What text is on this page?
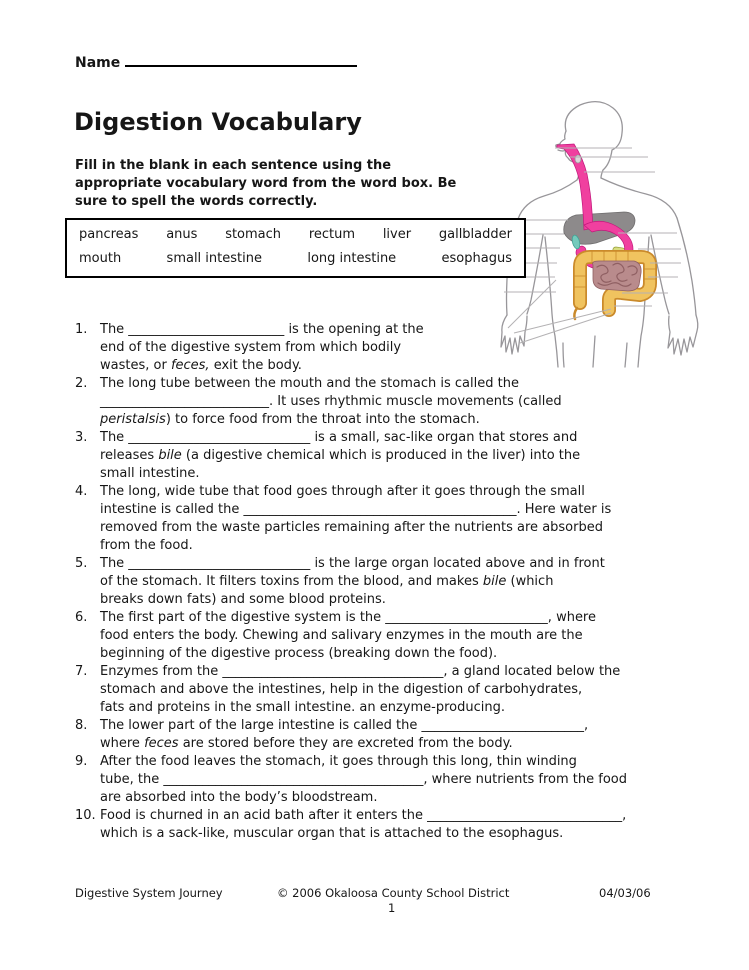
Name
Digestion Vocabulary
Fill in the blank in each sentence using the
appropriate vocabulary word from the word box. Be
sure to spell the words correctly.
pancreas anus stomach rectum liver gallbladder
mouth	small intestine	long intestine	esophagus
1. The ________________________ is the opening at the
end of the digestive system from which bodily
wastes, or feces, exit the body.
2. The long tube between the mouth and the stomach is called the
__________________________. It uses rhythmic muscle movements (called
peristalsis) to force food from the throat into the stomach.
3. The ____________________________ is a small, sac-like organ that stores and
releases bile (a digestive chemical which is produced in the liver) into the
small intestine.
4. The long, wide tube that food goes through after it goes through the small
intestine is called the __________________________________________. Here water is
removed from the waste particles remaining after the nutrients are absorbed
from the food.
5. The ____________________________ is the large organ located above and in front
of the stomach. It filters toxins from the blood, and makes bile (which
breaks down fats) and some blood proteins.
6. The first part of the digestive system is the _________________________, where
food enters the body. Chewing and salivary enzymes in the mouth are the
beginning of the digestive process (breaking down the food).
7. Enzymes from the __________________________________, a gland located below the
stomach and above the intestines, help in the digestion of carbohydrates,
fats and proteins in the small intestine. an enzyme-producing.
8. The lower part of the large intestine is called the _________________________,
where feces are stored before they are excreted from the body.
9. After the food leaves the stomach, it goes through this long, thin winding
tube, the ________________________________________, where nutrients from the food
are absorbed into the body’s bloodstream.
10. Food is churned in an acid bath after it enters the ______________________________,
which is a sack-like, muscular organ that is attached to the esophagus.
Digestive System Journey	© 2006 Okaloosa County School District	04/03/06
1
